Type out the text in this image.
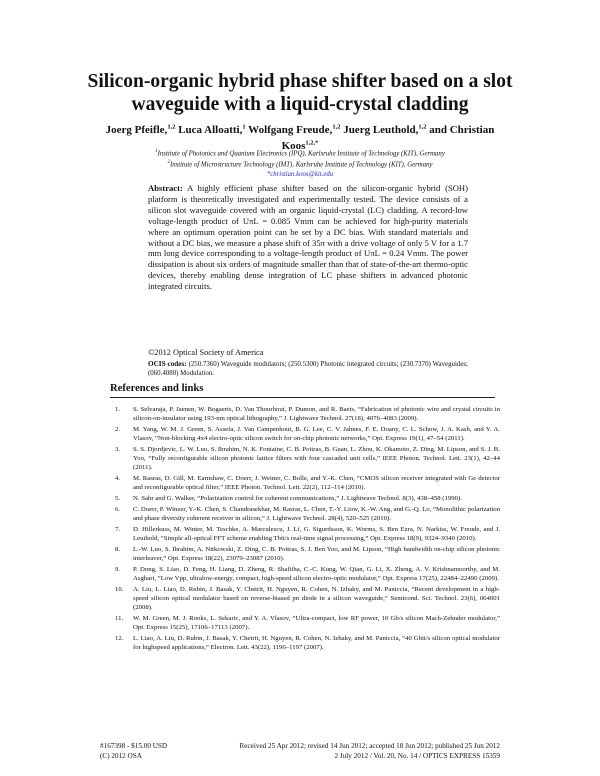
Silicon-organic hybrid phase shifter based on a slot waveguide with a liquid-crystal cladding
Joerg Pfeifle,$^{1,2}$ Luca Alloatti,$^1$ Wolfgang Freude,$^{1,2}$ Juerg Leuthold,$^{1,2}$ and Christian Koos$^{1,2,*}$
$^1$Institute of Photonics and Quantum Electronics (IPQ), Karlsruhe Institute of Technology (KIT), Germany
$^2$Institute of Microstructure Technology (IMT), Karlsruhe Institute of Technology (KIT), Germany
*christian.koos@kit.edu
Abstract: A highly efficient phase shifter based on the silicon-organic hybrid (SOH) platform is theoretically investigated and experimentally tested. The device consists of a silicon slot waveguide covered with an organic liquid-crystal (LC) cladding. A record-low voltage-length product of UπL = 0.085 Vmm can be achieved for high-purity materials where an optimum operation point can be set by a DC bias. With standard materials and without a DC bias, we measure a phase shift of 35π with a drive voltage of only 5 V for a 1.7 mm long device corresponding to a voltage-length product of UπL = 0.24 Vmm. The power dissipation is about six orders of magnitude smaller than that of state-of-the-art thermo-optic devices, thereby enabling dense integration of LC phase shifters in advanced photonic integrated circuits.
©2012 Optical Society of America
OCIS codes: (250.7360) Waveguide modulators; (250.5300) Photonic integrated circuits; (230.7370) Waveguides; (060.4080) Modulation.
References and links
1.	S. Selvaraja, P. Jaenen, W. Bogaerts, D. Van Thourhout, P. Dumon, and R. Baets, “Fabrication of photonic wire and crystal circuits in silicon-on-insulator using 193-nm optical lithography,” J. Lightwave Technol. 27(18), 4076–4083 (2009).
2.	M. Yang, W. M. J. Green, S. Assefa, J. Van Campenhout, B. G. Lee, C. V. Jahnes, F. E. Doany, C. L. Schow, J. A. Kash, and Y. A. Vlasov, “Non-blocking 4x4 electro-optic silicon switch for on-chip photonic networks,” Opt. Express 19(1), 47–54 (2011).
3.	S. S. Djordjevic, L. W. Luo, S. Ibrahim, N. K. Fontaine, C. B. Poitras, B. Guan, L. Zhou, K. Okamoto, Z. Ding, M. Lipson, and S. J. B. Yoo, “Fully reconfigurable silicon photonic lattice filters with four cascaded unit cells,” IEEE Photon. Technol. Lett. 23(1), 42–44 (2011).
4.	M. Rasras, D. Gill, M. Earnshaw, C. Doerr, J. Weiner, C. Bolle, and Y.-K. Chen, “CMOS silicon receiver integrated with Ge detector and reconfigurable optical filter,” IEEE Photon. Technol. Lett. 22(2), 112–114 (2010).
5.	N. Sahr and G. Walker, “Polarization control for coherent communications,” J. Lightwave Technol. 8(3), 438–458 (1990).
6.	C. Doerr, P. Winzer, Y.-K. Chen, S. Chandrasekhar, M. Rasras, L. Chen, T.-Y. Liow, K.-W. Ang, and G.-Q. Lo, “Monolithic polarization and phase diversity coherent receiver in silicon,” J. Lightwave Technol. 28(4), 520–525 (2010).
7.	D. Hillerkuss, M. Winter, M. Teschke, A. Marculescu, J. Li, G. Sigurdsson, K. Worms, S. Ben Ezra, N. Narkiss, W. Freude, and J. Leuthold, “Simple all-optical FFT scheme enabling Tbit/s real-time signal processing,” Opt. Express 18(9), 9324–9340 (2010).
8.	L.-W. Luo, S. Ibrahim, A. Nitkowski, Z. Ding, C. B. Poitras, S. J. Ben Yoo, and M. Lipson, “High bandwidth on-chip silicon photonic interleaver,” Opt. Express 18(22), 23079–23087 (2010).
9.	P. Dong, S. Liao, D. Feng, H. Liang, D. Zheng, R. Shafiiha, C.-C. Kung, W. Qian, G. Li, X. Zheng, A. V. Krishnamoorthy, and M. Asghari, “Low Vpp, ultralow-energy, compact, high-speed silicon electro-optic modulator,” Opt. Express 17(25), 22484–22490 (2009).
10.	A. Liu, L. Liao, D. Rubin, J. Basak, Y. Chetrit, H. Nguyen, R. Cohen, N. Izhaky, and M. Paniccia, “Recent development in a high-speed silicon optical modulator based on reverse-biased pn diode in a silicon waveguide,” Semicond. Sci. Technol. 23(6), 064001 (2008).
11.	W. M. Green, M. J. Rooks, L. Sekaric, and Y. A. Vlasov, “Ultra-compact, low RF power, 10 Gb/s silicon Mach-Zehnder modulator,” Opt. Express 15(25), 17106–17113 (2007).
12.	L. Liao, A. Liu, D. Rubin, J. Basak, Y. Chetrit, H. Nguyen, R. Cohen, N. Izhaky, and M. Paniccia, “40 Gbit/s silicon optical modulator for highspeed applications,” Electron. Lett. 43(22), 1196–1197 (2007).
#167398 - $15.00 USD	Received 25 Apr 2012; revised 14 Jun 2012; accepted 18 Jun 2012; published 25 Jun 2012
(C) 2012 OSA	2 July 2012 / Vol. 20, No. 14 / OPTICS EXPRESS 15359
